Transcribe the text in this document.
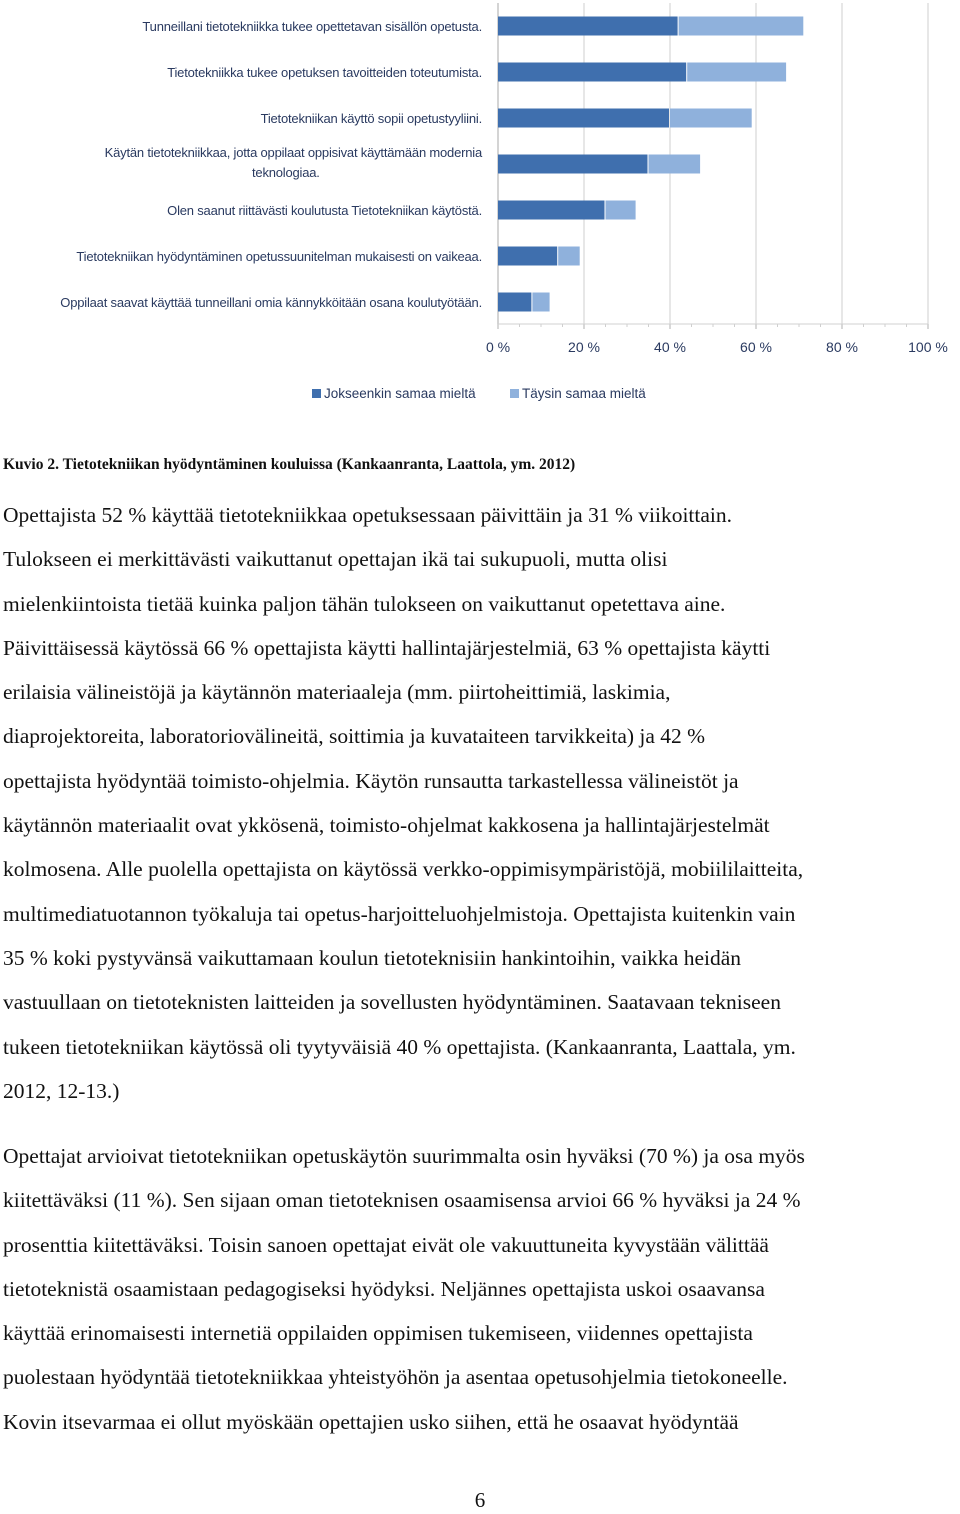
0 %	20 %	40 %	60 %	80 %	100 %
Tunneillani tietotekniikka tukee opettetavan sisällön opetusta.
Tietotekniikka tukee opetuksen tavoitteiden toteutumista.
Tietotekniikan käyttö sopii opetustyyliini.
Käytän tietotekniikkaa, jotta oppilaat oppisivat käyttämään modernia
teknologiaa.
Olen saanut riittävästi koulutusta Tietotekniikan käytöstä.
Tietotekniikan hyödyntäminen opetussuunitelman mukaisesti on vaikeaa.
Oppilaat saavat käyttää tunneillani omia kännykköitään osana koulutyötään.
Jokseenkin samaa mieltä	Täysin samaa mieltä
Kuvio 2. Tietotekniikan hyödyntäminen kouluissa (Kankaanranta, Laattola, ym. 2012)
Opettajista 52 % käyttää tietotekniikkaa opetuksessaan päivittäin ja 31 % viikoittain.
Tulokseen ei merkittävästi vaikuttanut opettajan ikä tai sukupuoli, mutta olisi
mielenkiintoista tietää kuinka paljon tähän tulokseen on vaikuttanut opetettava aine.
Päivittäisessä käytössä 66 % opettajista käytti hallintajärjestelmiä, 63 % opettajista käytti
erilaisia välineistöjä ja käytännön materiaaleja (mm. piirtoheittimiä, laskimia,
diaprojektoreita, laboratoriovälineitä, soittimia ja kuvataiteen tarvikkeita) ja 42 %
opettajista hyödyntää toimisto-ohjelmia. Käytön runsautta tarkastellessa välineistöt ja
käytännön materiaalit ovat ykkösenä, toimisto-ohjelmat kakkosena ja hallintajärjestelmät
kolmosena. Alle puolella opettajista on käytössä verkko-oppimisympäristöjä, mobiililaitteita,
multimediatuotannon työkaluja tai opetus-harjoitteluohjelmistoja. Opettajista kuitenkin vain
35 % koki pystyvänsä vaikuttamaan koulun tietoteknisiin hankintoihin, vaikka heidän
vastuullaan on tietoteknisten laitteiden ja sovellusten hyödyntäminen. Saatavaan tekniseen
tukeen tietotekniikan käytössä oli tyytyväisiä 40 % opettajista. (Kankaanranta, Laattala, ym.
2012, 12-13.)
Opettajat arvioivat tietotekniikan opetuskäytön suurimmalta osin hyväksi (70 %) ja osa myös
kiitettäväksi (11 %). Sen sijaan oman tietoteknisen osaamisensa arvioi 66 % hyväksi ja 24 %
prosenttia kiitettäväksi. Toisin sanoen opettajat eivät ole vakuuttuneita kyvystään välittää
tietoteknistä osaamistaan pedagogiseksi hyödyksi. Neljännes opettajista uskoi osaavansa
käyttää erinomaisesti internetiä oppilaiden oppimisen tukemiseen, viidennes opettajista
puolestaan hyödyntää tietotekniikkaa yhteistyöhön ja asentaa opetusohjelmia tietokoneelle.
Kovin itsevarmaa ei ollut myöskään opettajien usko siihen, että he osaavat hyödyntää
6
